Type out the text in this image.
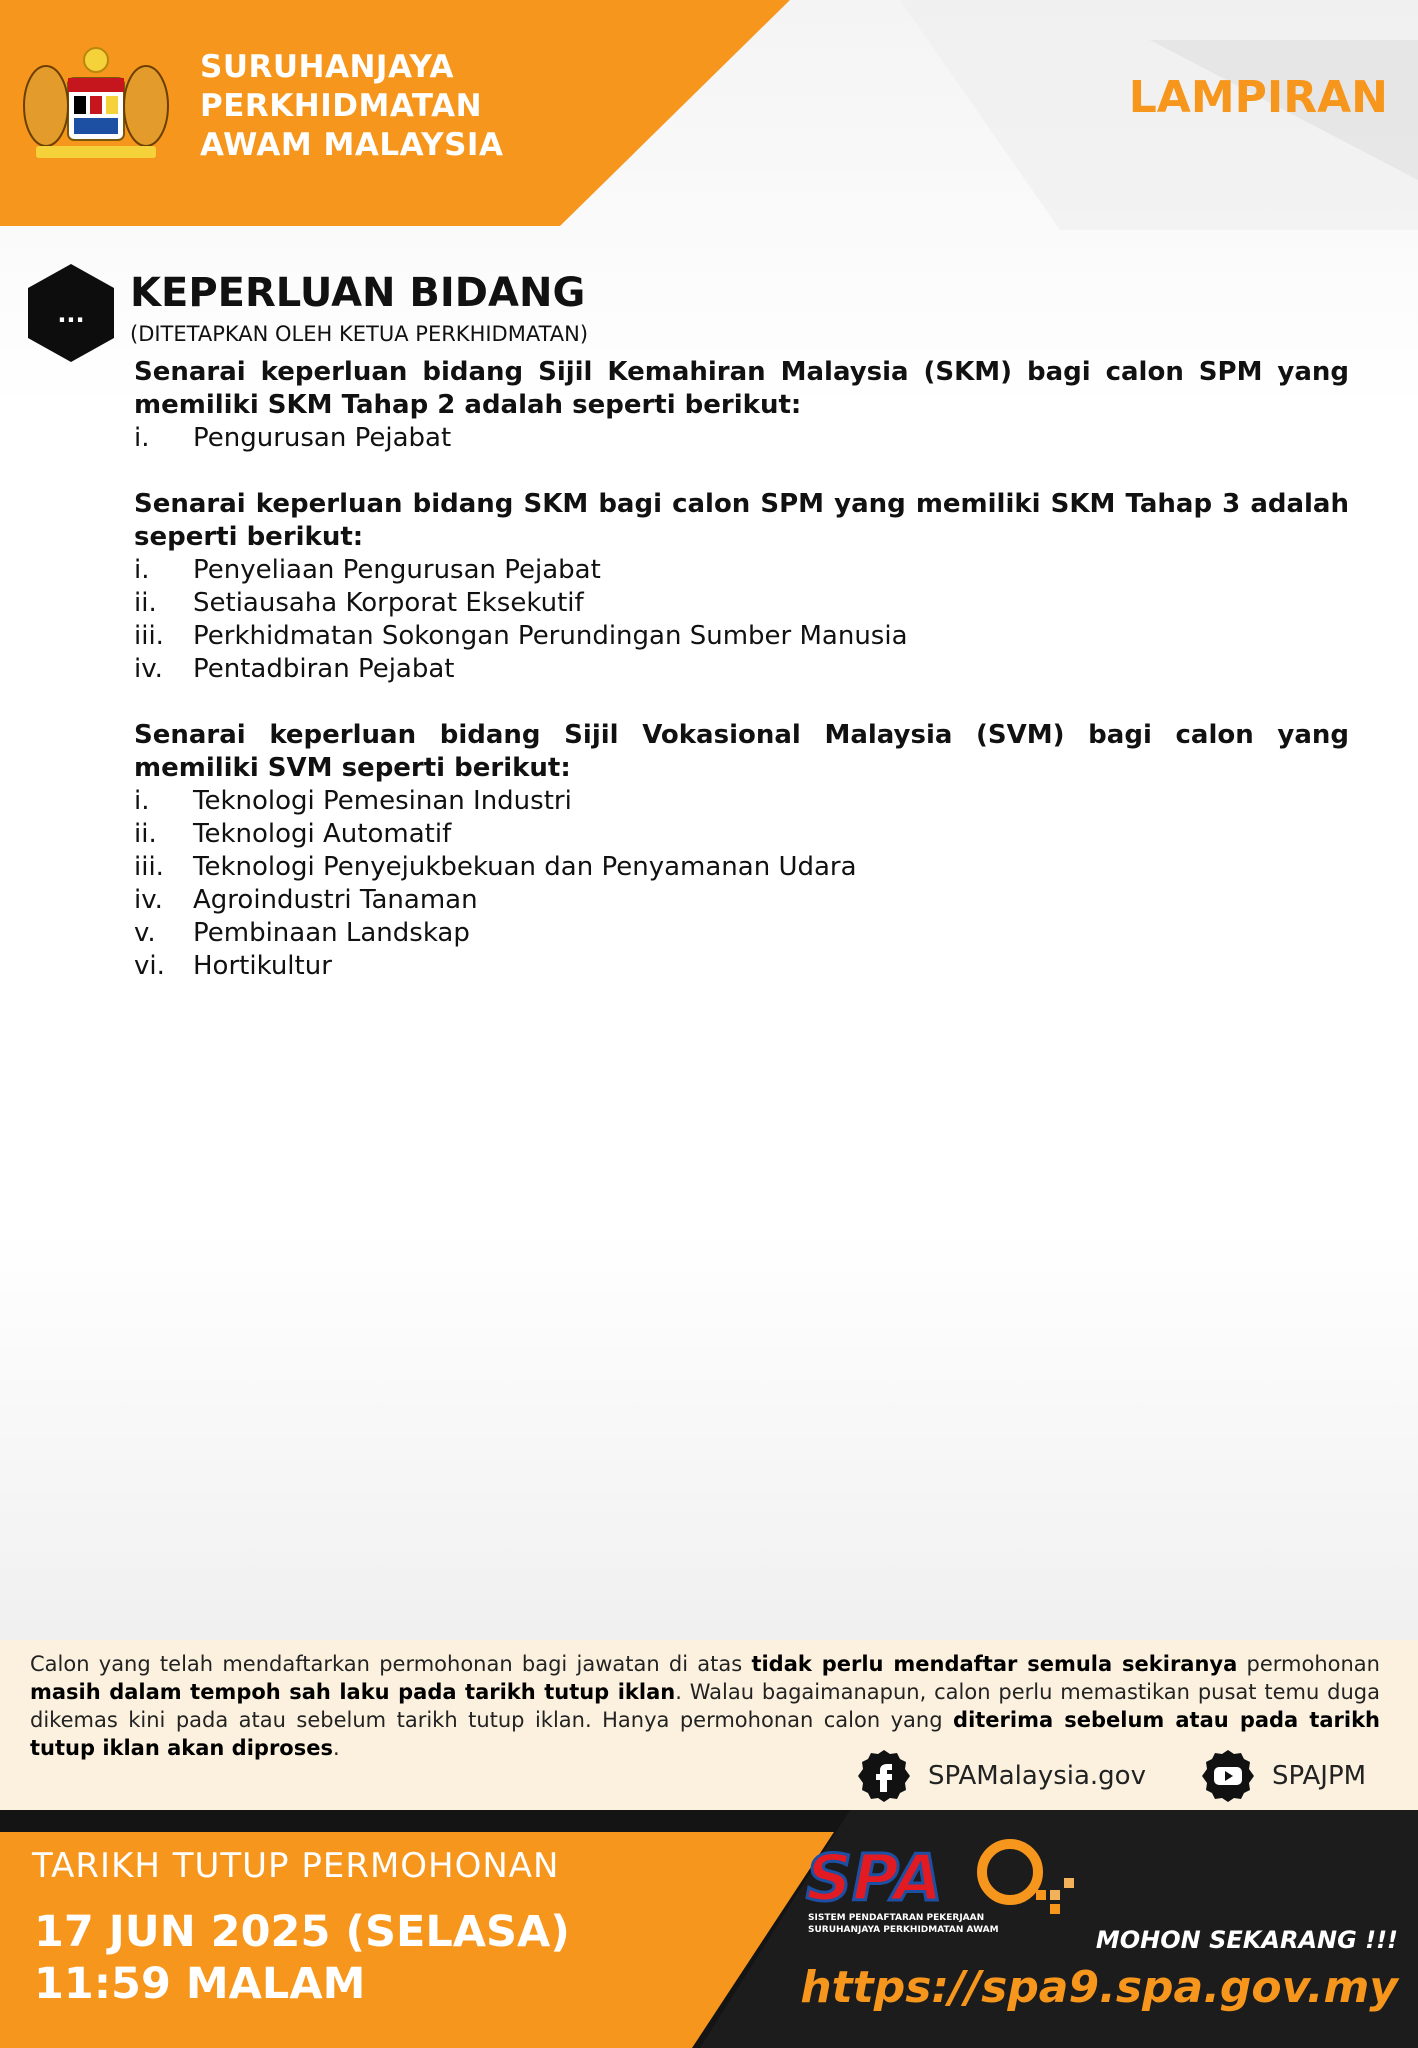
SURUHANJAYA
PERKHIDMATAN
AWAM MALAYSIA
LAMPIRAN
... KEPERLUAN BIDANG
(DITETAPKAN OLEH KETUA PERKHIDMATAN)

Senarai keperluan bidang Sijil Kemahiran Malaysia (SKM) bagi calon SPM yang memiliki SKM Tahap 2 adalah seperti berikut:

i.	Pengurusan Pejabat

Senarai keperluan bidang SKM bagi calon SPM yang memiliki SKM Tahap 3 adalah seperti berikut:

i.	Penyeliaan Pengurusan Pejabat
ii.	Setiausaha Korporat Eksekutif
iii.	Perkhidmatan Sokongan Perundingan Sumber Manusia
iv.	Pentadbiran Pejabat

Senarai keperluan bidang Sijil Vokasional Malaysia (SVM) bagi calon yang memiliki SVM seperti berikut:

i.	Teknologi Pemesinan Industri
ii.	Teknologi Automatif
iii.	Teknologi Penyejukbekuan dan Penyamanan Udara
iv.	Agroindustri Tanaman
v.	Pembinaan Landskap
vi.	Hortikultur
Calon yang telah mendaftarkan permohonan bagi jawatan di atas tidak perlu mendaftar semula sekiranya permohonan masih dalam tempoh sah laku pada tarikh tutup iklan. Walau bagaimanapun, calon perlu memastikan pusat temu duga dikemas kini pada atau sebelum tarikh tutup iklan. Hanya permohonan calon yang diterima sebelum atau pada tarikh tutup iklan akan diproses.
SPAMalaysia.gov	SPAJPM
TARIKH TUTUP PERMOHONAN
17 JUN 2025 (SELASA)
11:59 MALAM
SPA
SISTEM PENDAFTARAN PEKERJAAN
SURUHANJAYA PERKHIDMATAN AWAM	MOHON SEKARANG !!!
https://spa9.spa.gov.my
